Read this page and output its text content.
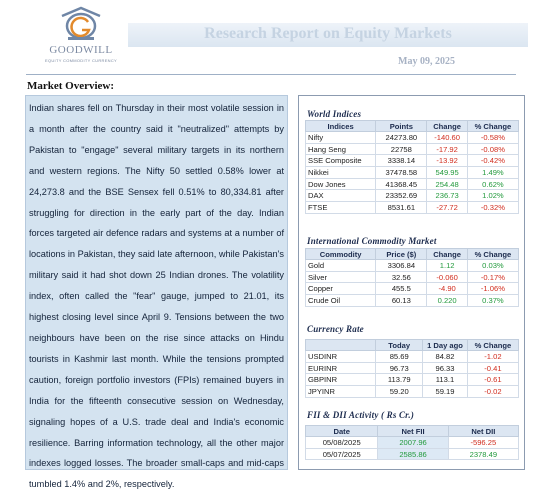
GOODWILL
EQUITY COMMODITY CURRENCY
Research Report on Equity Markets
May 09, 2025
Market Overview:

Indian shares fell on Thursday in their most volatile session in a month after the country said it "neutralized" attempts by Pakistan to "engage" several military targets in its northern and western regions. The Nifty 50 settled 0.58% lower at 24,273.8 and the BSE Sensex fell 0.51% to 80,334.81 after struggling for direction in the early part of the day. Indian forces targeted air defence radars and systems at a number of locations in Pakistan, they said late afternoon, while Pakistan's military said it had shot down 25 Indian drones. The volatility index, often called the "fear" gauge, jumped to 21.01, its highest closing level since April 9. Tensions between the two neighbours have been on the rise since attacks on Hindu tourists in Kashmir last month. While the tensions prompted caution, foreign portfolio investors (FPIs) remained buyers in India for the fifteenth consecutive session on Wednesday, signaling hopes of a U.S. trade deal and India's economic resilience. Barring information technology, all the other major indexes logged losses. The broader small-caps and mid-caps tumbled 1.4% and 2%, respectively.

World Indices
Indices	Points	Change	% Change
Nifty	24273.80	-140.60	-0.58%
Hang Seng	22758	-17.92	-0.08%
SSE Composite	3338.14	-13.92	-0.42%
Nikkei	37478.58	549.95	1.49%
Dow Jones	41368.45	254.48	0.62%
DAX	23352.69	236.73	1.02%
FTSE	8531.61	-27.72	-0.32%
International Commodity Market
Commodity	Price ($)	Change	% Change
Gold	3306.84	1.12	0.03%
Silver	32.56	-0.060	-0.17%
Copper	455.5	-4.90	-1.06%
Crude Oil	60.13	0.220	0.37%
Currency Rate
	Today	1 Day ago	% Change
USDINR	85.69	84.82	-1.02
EURINR	96.73	96.33	-0.41
GBPINR	113.79	113.1	-0.61
JPYINR	59.20	59.19	-0.02
FII & DII Activity ( Rs Cr.)
Date	Net FII	Net DII
05/08/2025	2007.96	-596.25
05/07/2025	2585.86	2378.49
